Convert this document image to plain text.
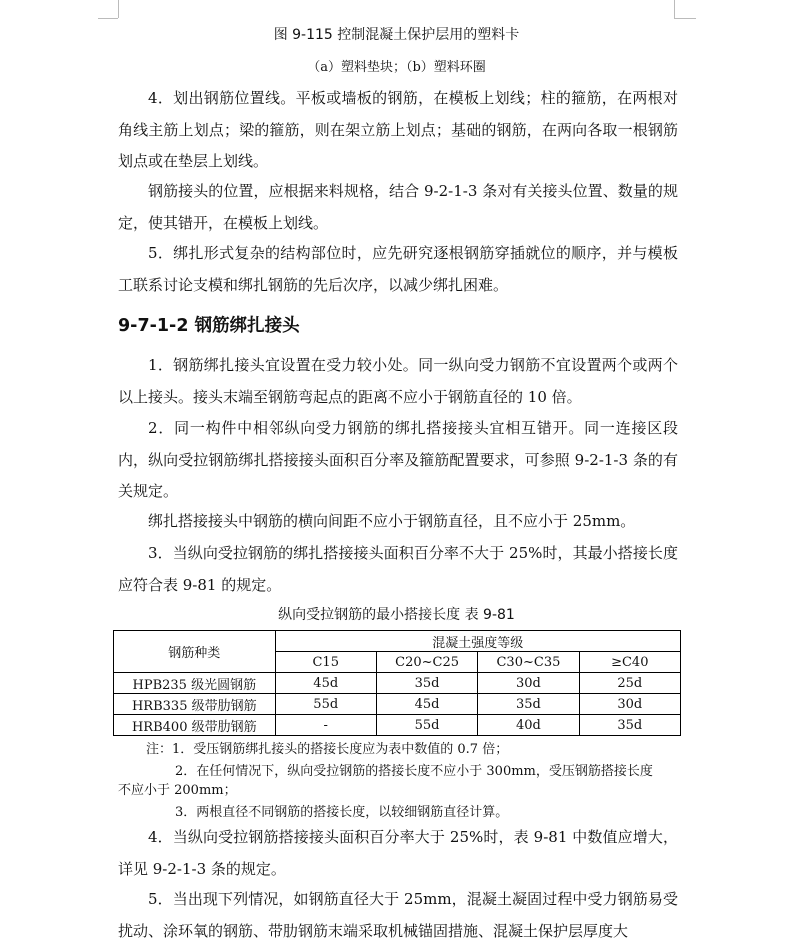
图 9-115 控制混凝土保护层用的塑料卡
（a）塑料垫块；（b）塑料环圈

4．划出钢筋位置线。平板或墙板的钢筋，在模板上划线；柱的箍筋，在两根对角线主筋上划点；梁的箍筋，则在架立筋上划点；基础的钢筋，在两向各取一根钢筋划点或在垫层上划线。

钢筋接头的位置，应根据来料规格，结合 9-2-1-3 条对有关接头位置、数量的规定，使其错开，在模板上划线。

5．绑扎形式复杂的结构部位时，应先研究逐根钢筋穿插就位的顺序，并与模板工联系讨论支模和绑扎钢筋的先后次序，以减少绑扎困难。

9-7-1-2 钢筋绑扎接头

1．钢筋绑扎接头宜设置在受力较小处。同一纵向受力钢筋不宜设置两个或两个以上接头。接头末端至钢筋弯起点的距离不应小于钢筋直径的 10 倍。

2．同一构件中相邻纵向受力钢筋的绑扎搭接接头宜相互错开。同一连接区段内，纵向受拉钢筋绑扎搭接接头面积百分率及箍筋配置要求，可参照 9-2-1-3 条的有关规定。

绑扎搭接接头中钢筋的横向间距不应小于钢筋直径，且不应小于 25mm。

3．当纵向受拉钢筋的绑扎搭接接头面积百分率不大于 25%时，其最小搭接长度应符合表 9-81 的规定。

纵向受拉钢筋的最小搭接长度 表 9-81
钢筋种类	混凝土强度等级			
	C15	C20~C25	C30~C35	≥C40
HPB235 级光圆钢筋	45d	35d	30d	25d
HRB335 级带肋钢筋	55d	45d	35d	30d
HRB400 级带肋钢筋	-	55d	40d	35d

注：1．受压钢筋绑扎接头的搭接长度应为表中数值的 0.7 倍；

2．在任何情况下，纵向受拉钢筋的搭接长度不应小于 300mm，受压钢筋搭接长度

不应小于 200mm；

3．两根直径不同钢筋的搭接长度，以较细钢筋直径计算。

4．当纵向受拉钢筋搭接接头面积百分率大于 25%时，表 9-81 中数值应增大，详见 9-2-1-3 条的规定。

5．当出现下列情况，如钢筋直径大于 25mm，混凝土凝固过程中受力钢筋易受扰动、涂环氧的钢筋、带肋钢筋末端采取机械锚固措施、混凝土保护层厚度大
